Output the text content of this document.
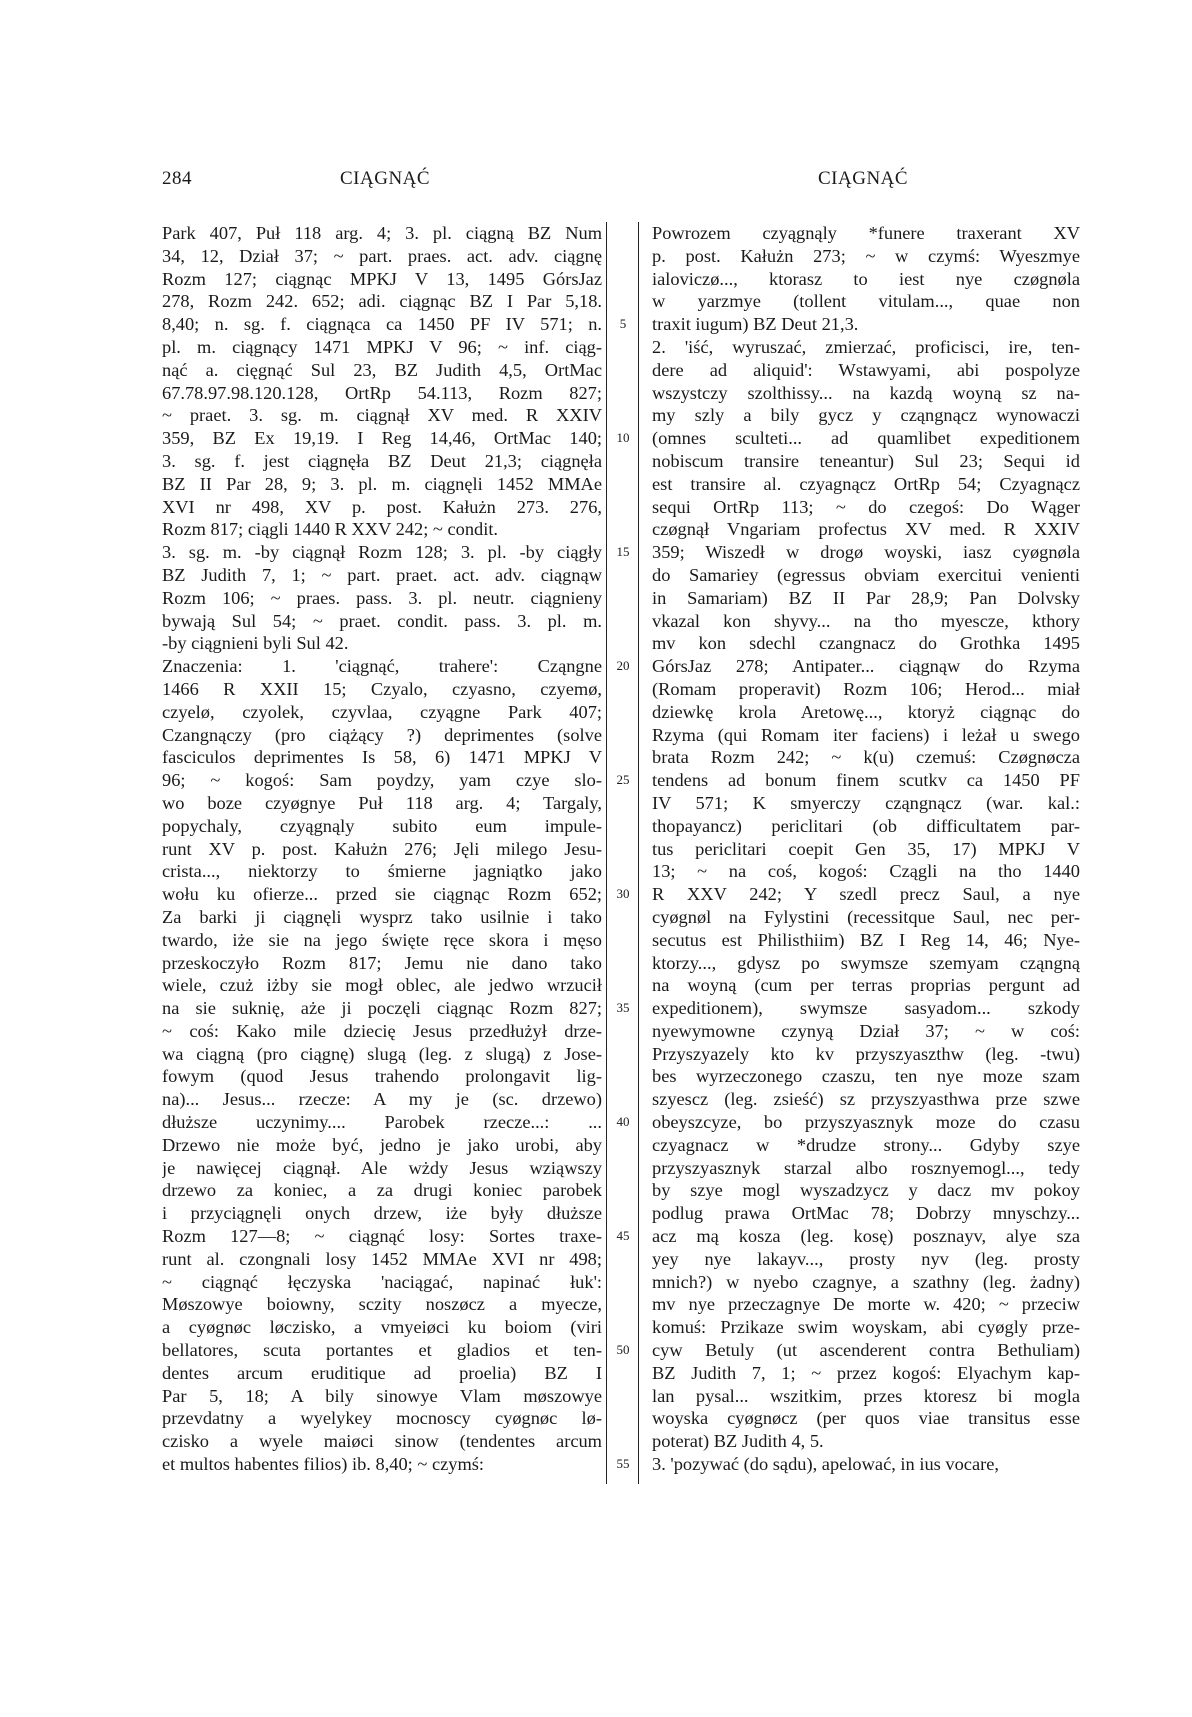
284	CIĄGNĄĆ	CIĄGNĄĆ
Park 407, Puł 118 arg. 4; 3. pl. ciągną BZ Num
34, 12, Dział 37; ~ part. praes. act. adv. ciągnę
Rozm 127; ciągnąc MPKJ V 13, 1495 GórsJaz
278, Rozm 242. 652; adi. ciągnąc BZ I Par 5,18.
8,40; n. sg. f. ciągnąca ca 1450 PF IV 571; n.
pl. m. ciągnący 1471 MPKJ V 96; ~ inf. ciąg-
nąć a. cięgnąć Sul 23, BZ Judith 4,5, OrtMac
67.78.97.98.120.128, OrtRp 54.113, Rozm 827;
~ praet. 3. sg. m. ciągnął XV med. R XXIV
359, BZ Ex 19,19. I Reg 14,46, OrtMac 140;
3. sg. f. jest ciągnęła BZ Deut 21,3; ciągnęła
BZ II Par 28, 9; 3. pl. m. ciągnęli 1452 MMAe
XVI nr 498, XV p. post. Kałużn 273. 276,
Rozm 817; ciągli 1440 R XXV 242; ~ condit.
3. sg. m. -by ciągnął Rozm 128; 3. pl. -by ciągły
BZ Judith 7, 1; ~ part. praet. act. adv. ciągnąw
Rozm 106; ~ praes. pass. 3. pl. neutr. ciągnieny
bywają Sul 54; ~ praet. condit. pass. 3. pl. m.
-by ciągnieni byli Sul 42.
Znaczenia: 1. 'ciągnąć, trahere': Cząngne
1466 R XXII 15; Czyalo, czyasno, czyemø,
czyelø, czyolek, czyvlaa, czyągne Park 407;
Czangnączy (pro ciążący ?) deprimentes (solve
fasciculos deprimentes Is 58, 6) 1471 MPKJ V
96; ~ kogoś: Sam poydzy, yam czye slo-
wo boze czyøgnye Puł 118 arg. 4; Targaly,
popychaly, czyągnąly subito eum impule-
runt XV p. post. Kałużn 276; Jęli milego Jesu-
crista..., niektorzy to śmierne jagniątko jako
wołu ku ofierze... przed sie ciągnąc Rozm 652;
Za barki ji ciągnęli wysprz tako usilnie i tako
twardo, iże sie na jego święte ręce skora i męso
przeskoczyło Rozm 817; Jemu nie dano tako
wiele, czuż iżby sie mogł oblec, ale jedwo wrzucił
na sie suknię, aże ji poczęli ciągnąc Rozm 827;
~ coś: Kako mile dziecię Jesus przedłużył drze-
wa ciągną (pro ciągnę) slugą (leg. z slugą) z Jose-
fowym (quod Jesus trahendo prolongavit lig-
na)... Jesus... rzecze: A my je (sc. drzewo)
dłuższe uczynimy.... Parobek rzecze...: ...
Drzewo nie może być, jedno je jako urobi, aby
je nawięcej ciągnął. Ale wżdy Jesus wziąwszy
drzewo za koniec, a za drugi koniec parobek
i przyciągnęli onych drzew, iże były dłuższe
Rozm 127—8; ~ ciągnąć losy: Sortes traxe-
runt al. czongnali losy 1452 MMAe XVI nr 498;
~ ciągnąć łęczyska 'naciągać, napinać łuk':
Møszowye boiowny, sczity noszøcz a myecze,
a cyøgnøc løczisko, a vmyeiøci ku boiom (viri
bellatores, scuta portantes et gladios et ten-
dentes arcum eruditique ad proelia) BZ I
Par 5, 18; A bily sinowye Vlam møszowye
przevdatny a wyelykey mocnoscy cyøgnøc lø-
czisko a wyele maiøci sinow (tendentes arcum
et multos habentes filios) ib. 8,40; ~ czymś:
5
10
15
20
25
30
35
40
45
50
55
Powrozem czyągnąly *funere traxerant XV
p. post. Kałużn 273; ~ w czymś: Wyeszmye
ialoviczø..., ktorasz to iest nye czøgnøla
w yarzmye (tollent vitulam..., quae non
traxit iugum) BZ Deut 21,3.
2. 'iść, wyruszać, zmierzać, proficisci, ire, ten-
dere ad aliquid': Wstawyami, abi pospolyze
wszystczy szolthissy... na kazdą woyną sz na-
my szly a bily gycz y cząngnącz wynowaczi
(omnes sculteti... ad quamlibet expeditionem
nobiscum transire teneantur) Sul 23; Sequi id
est transire al. czyagnącz OrtRp 54; Czyagnącz
sequi OrtRp 113; ~ do czegoś: Do Wąger
czøgnął Vngariam profectus XV med. R XXIV
359; Wiszedł w drogø woyski, iasz cyøgnøla
do Samariey (egressus obviam exercitui venienti
in Samariam) BZ II Par 28,9; Pan Dolvsky
vkazal kon shyvy... na tho myescze, kthory
mv kon sdechl czangnacz do Grothka 1495
GórsJaz 278; Antipater... ciągnąw do Rzyma
(Romam properavit) Rozm 106; Herod... miał
dziewkę krola Aretowę..., ktoryż ciągnąc do
Rzyma (qui Romam iter faciens) i leżał u swego
brata Rozm 242; ~ k(u) czemuś: Czøgnøcza
tendens ad bonum finem scutkv ca 1450 PF
IV 571; K smyerczy cząngnącz (war. kal.:
thopayancz) periclitari (ob difficultatem par-
tus periclitari coepit Gen 35, 17) MPKJ V
13; ~ na coś, kogoś: Czągli na tho 1440
R XXV 242; Y szedl precz Saul, a nye
cyøgnøl na Fylystini (recessitque Saul, nec per-
secutus est Philisthiim) BZ I Reg 14, 46; Nye-
ktorzy..., gdysz po swymsze szemyam cząngną
na woyną (cum per terras proprias pergunt ad
expeditionem), swymsze sasyadom... szkody
nyewymowne czynyą Dział 37; ~ w coś:
Przyszyazely kto kv przyszyaszthw (leg. -twu)
bes wyrzeczonego czaszu, ten nye moze szam
szyescz (leg. zsieść) sz przyszyasthwa prze szwe
obeyszcyze, bo przyszyasznyk moze do czasu
czyagnacz w *drudze strony... Gdyby szye
przyszyasznyk starzal albo rosznyemogl..., tedy
by szye mogl wyszadzycz y dacz mv pokoy
podlug prawa OrtMac 78; Dobrzy mnyschzy...
acz mą kosza (leg. kosę) posznayv, alye sza
yey nye lakayv..., prosty nyv (leg. prosty
mnich?) w nyebo czagnye, a szathny (leg. żadny)
mv nye przeczagnye De morte w. 420; ~ przeciw
komuś: Przikaze swim woyskam, abi cyøgly prze-
cyw Betuly (ut ascenderent contra Bethuliam)
BZ Judith 7, 1; ~ przez kogoś: Elyachym kap-
lan pysal... wszitkim, przes ktoresz bi mogla
woyska cyøgnøcz (per quos viae transitus esse
poterat) BZ Judith 4, 5.
3. 'pozywać (do sądu), apelować, in ius vocare,
